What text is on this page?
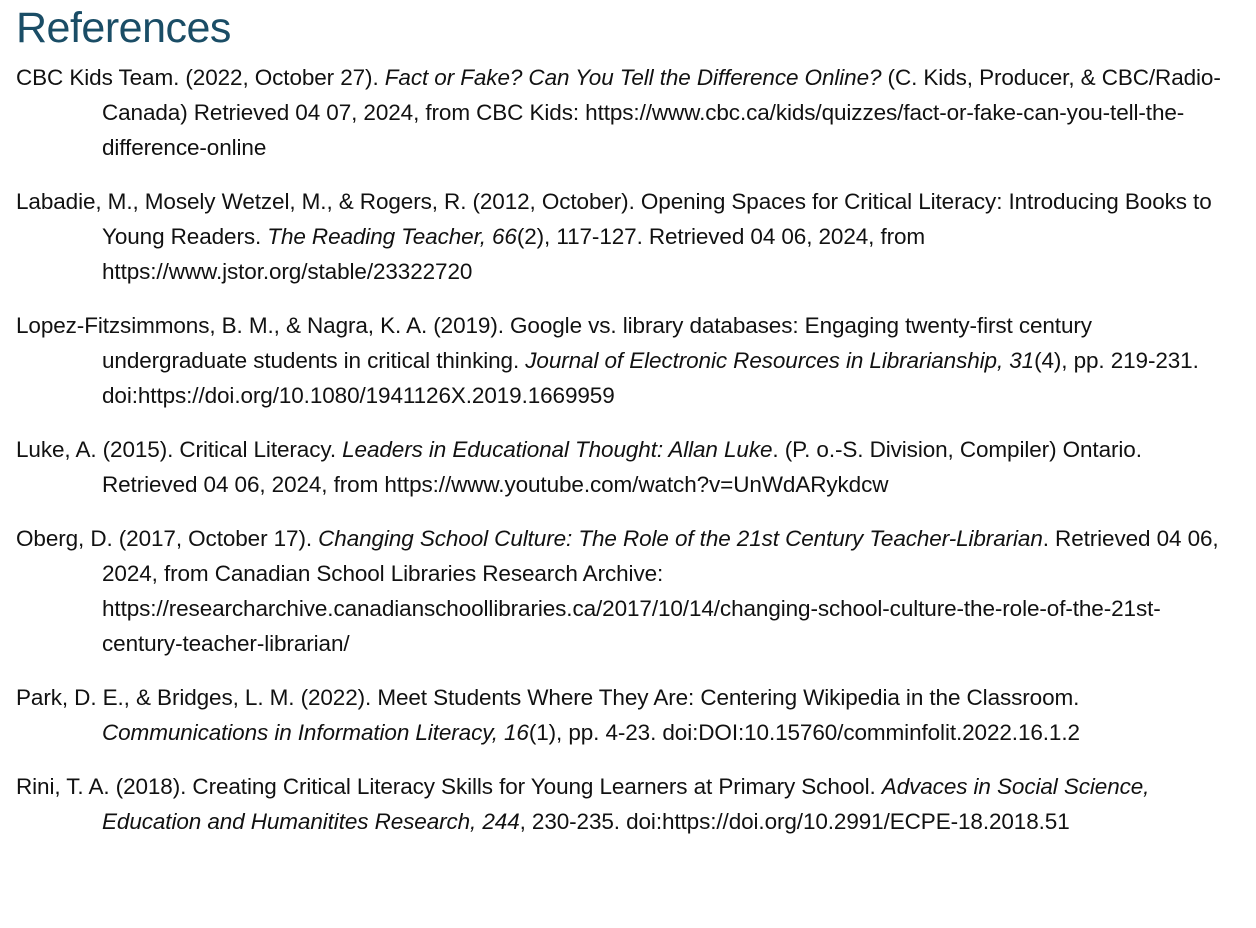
References
CBC Kids Team. (2022, October 27). Fact or Fake? Can You Tell the Difference Online? (C. Kids, Producer, & CBC/Radio-Canada) Retrieved 04 07, 2024, from CBC Kids: https://www.cbc.ca/kids/quizzes/fact-or-fake-can-you-tell-the-difference-online
Labadie, M., Mosely Wetzel, M., & Rogers, R. (2012, October). Opening Spaces for Critical Literacy: Introducing Books to Young Readers. The Reading Teacher, 66(2), 117-127. Retrieved 04 06, 2024, from https://www.jstor.org/stable/23322720
Lopez-Fitzsimmons, B. M., & Nagra, K. A. (2019). Google vs. library databases: Engaging twenty-first century undergraduate students in critical thinking. Journal of Electronic Resources in Librarianship, 31(4), pp. 219-231. doi:https://doi.org/10.1080/1941126X.2019.1669959
Luke, A. (2015). Critical Literacy. Leaders in Educational Thought: Allan Luke. (P. o.-S. Division, Compiler) Ontario. Retrieved 04 06, 2024, from https://www.youtube.com/watch?v=UnWdARykdcw
Oberg, D. (2017, October 17). Changing School Culture: The Role of the 21st Century Teacher-Librarian. Retrieved 04 06, 2024, from Canadian School Libraries Research Archive: https://researcharchive.canadianschoollibraries.ca/2017/10/14/changing-school-culture-the-role-of-the-21st-century-teacher-librarian/
Park, D. E., & Bridges, L. M. (2022). Meet Students Where They Are: Centering Wikipedia in the Classroom. Communications in Information Literacy, 16(1), pp. 4-23. doi:DOI:10.15760/comminfolit.2022.16.1.2
Rini, T. A. (2018). Creating Critical Literacy Skills for Young Learners at Primary School. Advaces in Social Science, Education and Humanitites Research, 244, 230-235. doi:https://doi.org/10.2991/ECPE-18.2018.51
